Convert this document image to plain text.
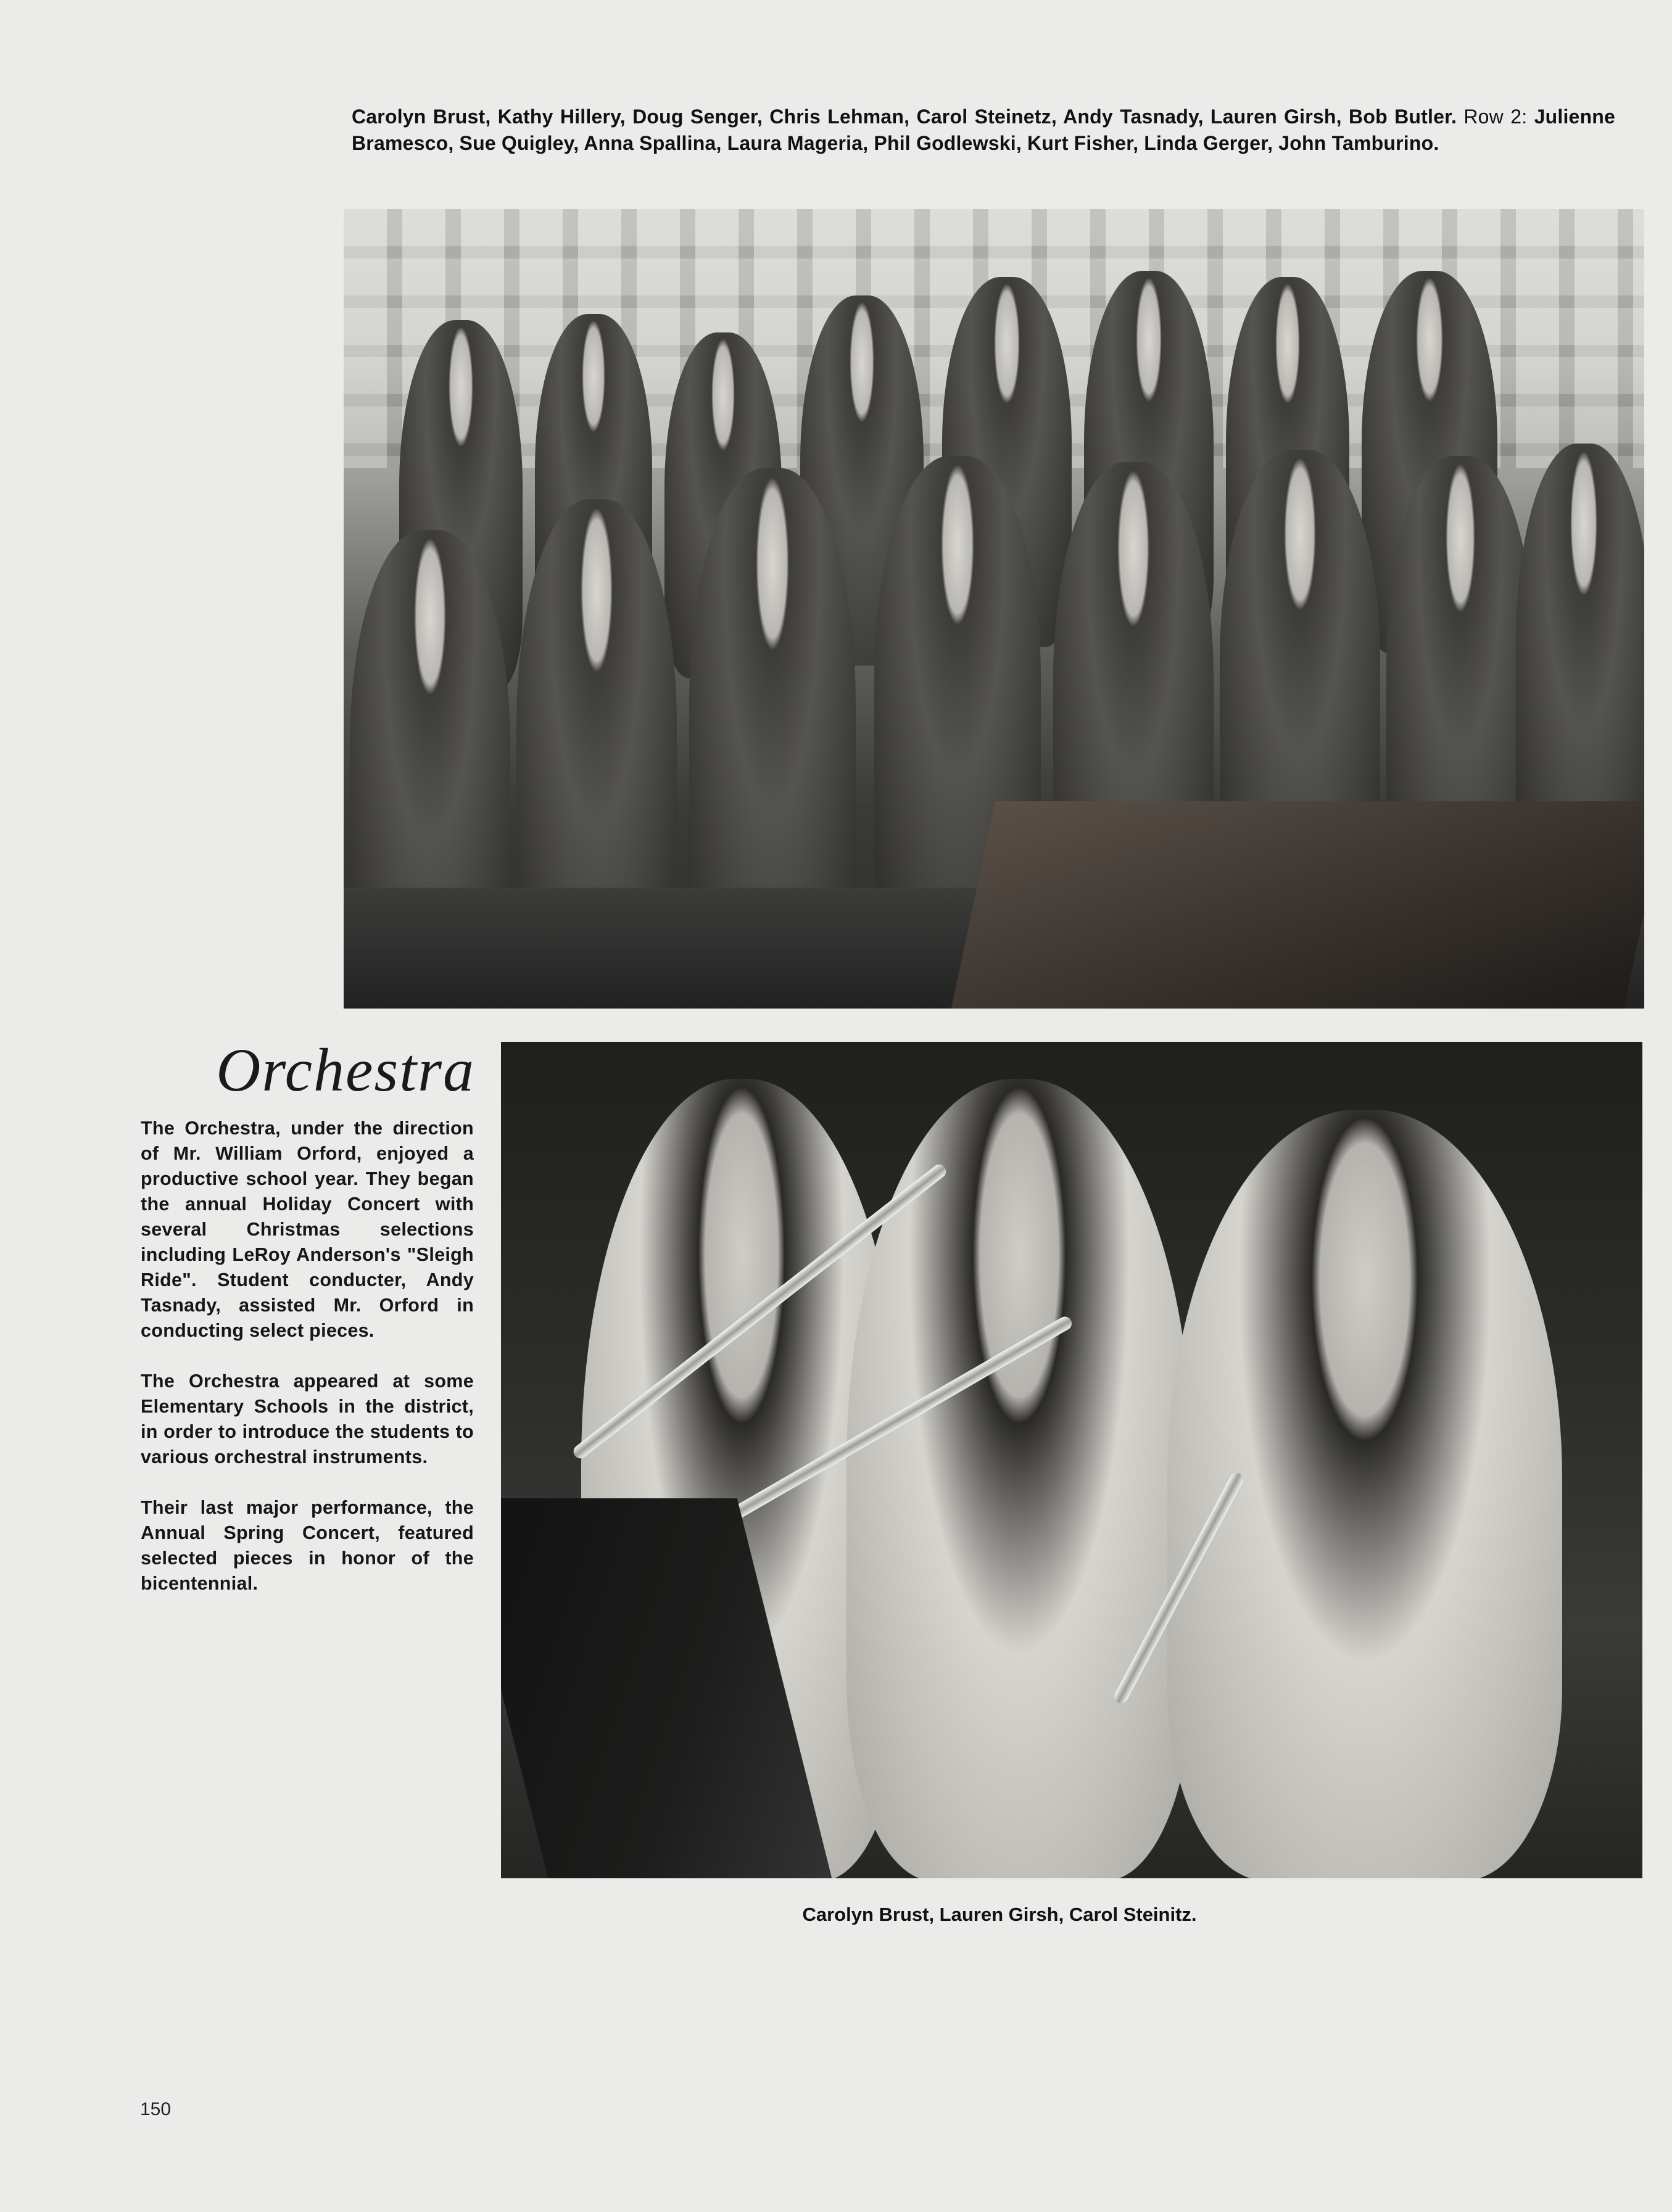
Carolyn Brust, Kathy Hillery, Doug Senger, Chris Lehman, Carol Steinetz, Andy Tasnady, Lauren Girsh, Bob Butler. Row 2: Julienne Bramesco, Sue Quigley, Anna Spallina, Laura Mageria, Phil Godlewski, Kurt Fisher, Linda Gerger, John Tamburino.
Orchestra

The Orchestra, under the direction of Mr. William Orford, enjoyed a productive school year. They began the annual Holiday Concert with several Christmas selections including LeRoy Anderson's "Sleigh Ride". Student conducter, Andy Tasnady, assisted Mr. Orford in conducting select pieces.

The Orchestra appeared at some Elementary Schools in the district, in order to introduce the students to various orchestral instruments.

Their last major performance, the Annual Spring Concert, featured selected pieces in honor of the bicentennial.

Carolyn Brust, Lauren Girsh, Carol Steinitz.
150
